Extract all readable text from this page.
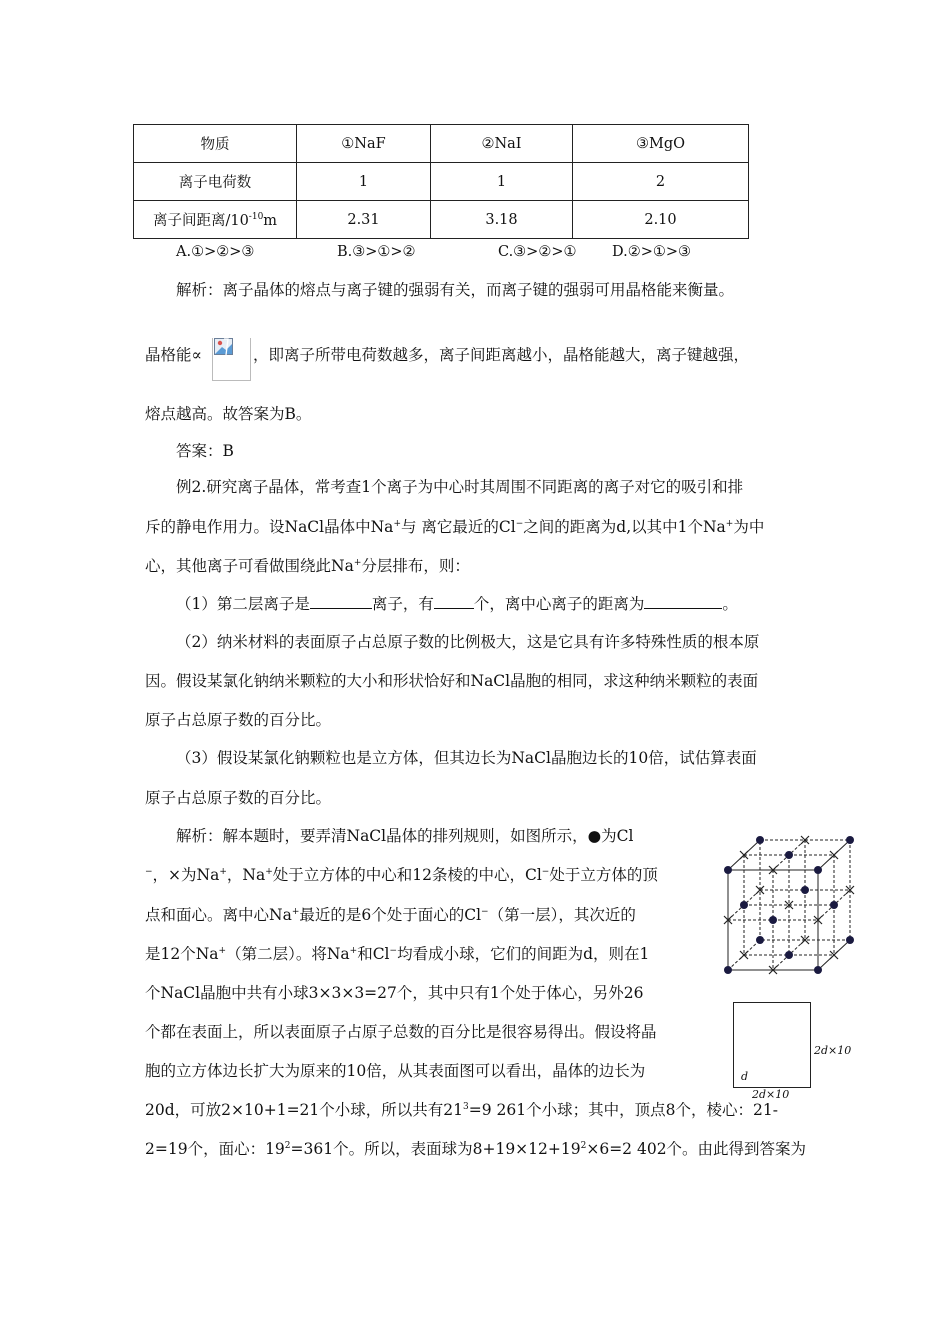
物质	①NaF	②NaI	③MgO
离子电荷数	1	1	2
离子间距离$/10^{-10}m$	2.31	3.18	2.10
A.①>②>③	B.③>①>②	C.③>②>① D.②>①>③
解析：离子晶体的熔点与离子键的强弱有关，而离子键的强弱可用晶格能来衡量。
晶格能∝	，即离子所带电荷数越多，离子间距离越小，晶格能越大，离子键越强，
熔点越高。故答案为B。
答案：B
例2.研究离子晶体，常考查1个离子为中心时其周围不同距离的离子对它的吸引和排
斥的静电作用力。设NaCl晶体中Na+与 离它最近的Cl−之间的距离为d,以其中1个Na+为中
心，其他离子可看做围绕此Na+分层排布，则：
（1）第二层离子是	离子，有	个，离中心离子的距离为	。
（2）纳米材料的表面原子占总原子数的比例极大，这是它具有许多特殊性质的根本原
因。假设某氯化钠纳米颗粒的大小和形状恰好和NaCl晶胞的相同，求这种纳米颗粒的表面
原子占总原子数的百分比。
（3）假设某氯化钠颗粒也是立方体，但其边长为NaCl晶胞边长的10倍，试估算表面
原子占总原子数的百分比。
解析：解本题时，要弄清NaCl晶体的排列规则，如图所示，●为Cl
−，×为Na+，Na+处于立方体的中心和12条棱的中心，Cl−处于立方体的顶
点和面心。离中心Na+最近的是6个处于面心的Cl−（第一层），其次近的
是12个Na+（第二层）。将Na+和Cl−均看成小球，它们的间距为d，则在1
个NaCl晶胞中共有小球3×3×3=27个，其中只有1个处于体心，另外26
个都在表面上，所以表面原子占原子总数的百分比是很容易得出。假设将晶
胞的立方体边长扩大为原来的10倍，从其表面图可以看出，晶体的边长为
20d，可放2×10+1=21个小球，所以共有$21^3=9$ 261个小球；其中，顶点8个，棱心：21-
2=19个，面心：$19^2=361$个。所以，表面球为$8+19\times 12+19^2\times 6=2$ 402个。由此得到答案为
d
2d×10
2d×10
